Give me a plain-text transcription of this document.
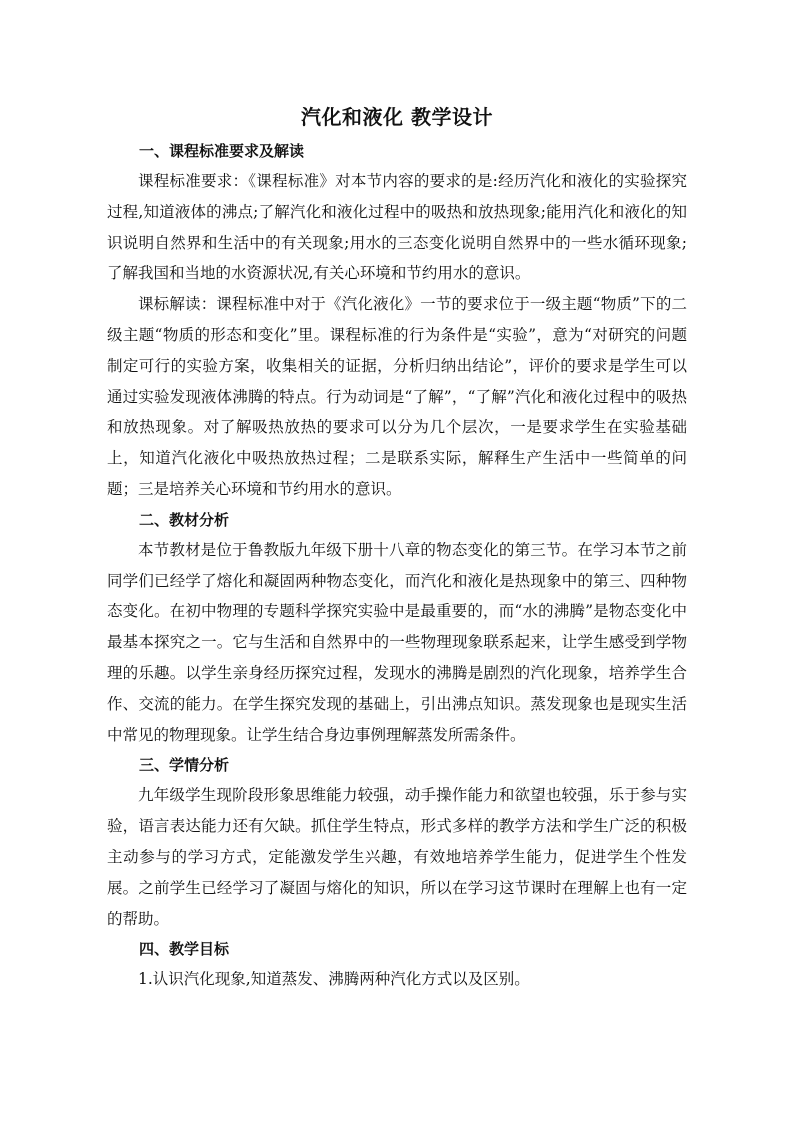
汽化和液化 教学设计
一、课程标准要求及解读

课程标准要求：《课程标准》对本节内容的要求的是:经历汽化和液化的实验探究过程,知道液体的沸点;了解汽化和液化过程中的吸热和放热现象;能用汽化和液化的知识说明自然界和生活中的有关现象;用水的三态变化说明自然界中的一些水循环现象;了解我国和当地的水资源状况,有关心环境和节约用水的意识。

课标解读：课程标准中对于《汽化液化》一节的要求位于一级主题“物质”下的二级主题“物质的形态和变化”里。课程标准的行为条件是“实验”，意为“对研究的问题制定可行的实验方案，收集相关的证据，分析归纳出结论”，评价的要求是学生可以通过实验发现液体沸腾的特点。行为动词是“了解”，“了解”汽化和液化过程中的吸热和放热现象。对了解吸热放热的要求可以分为几个层次，一是要求学生在实验基础上，知道汽化液化中吸热放热过程；二是联系实际，解释生产生活中一些简单的问题；三是培养关心环境和节约用水的意识。

二、教材分析

本节教材是位于鲁教版九年级下册十八章的物态变化的第三节。在学习本节之前同学们已经学了熔化和凝固两种物态变化，而汽化和液化是热现象中的第三、四种物态变化。在初中物理的专题科学探究实验中是最重要的，而“水的沸腾”是物态变化中最基本探究之一。它与生活和自然界中的一些物理现象联系起来，让学生感受到学物理的乐趣。以学生亲身经历探究过程，发现水的沸腾是剧烈的汽化现象，培养学生合作、交流的能力。在学生探究发现的基础上，引出沸点知识。蒸发现象也是现实生活中常见的物理现象。让学生结合身边事例理解蒸发所需条件。

三、学情分析

九年级学生现阶段形象思维能力较强，动手操作能力和欲望也较强，乐于参与实验，语言表达能力还有欠缺。抓住学生特点，形式多样的教学方法和学生广泛的积极主动参与的学习方式，定能激发学生兴趣，有效地培养学生能力，促进学生个性发展。之前学生已经学习了凝固与熔化的知识，所以在学习这节课时在理解上也有一定的帮助。

四、教学目标

1.认识汽化现象,知道蒸发、沸腾两种汽化方式以及区别。
